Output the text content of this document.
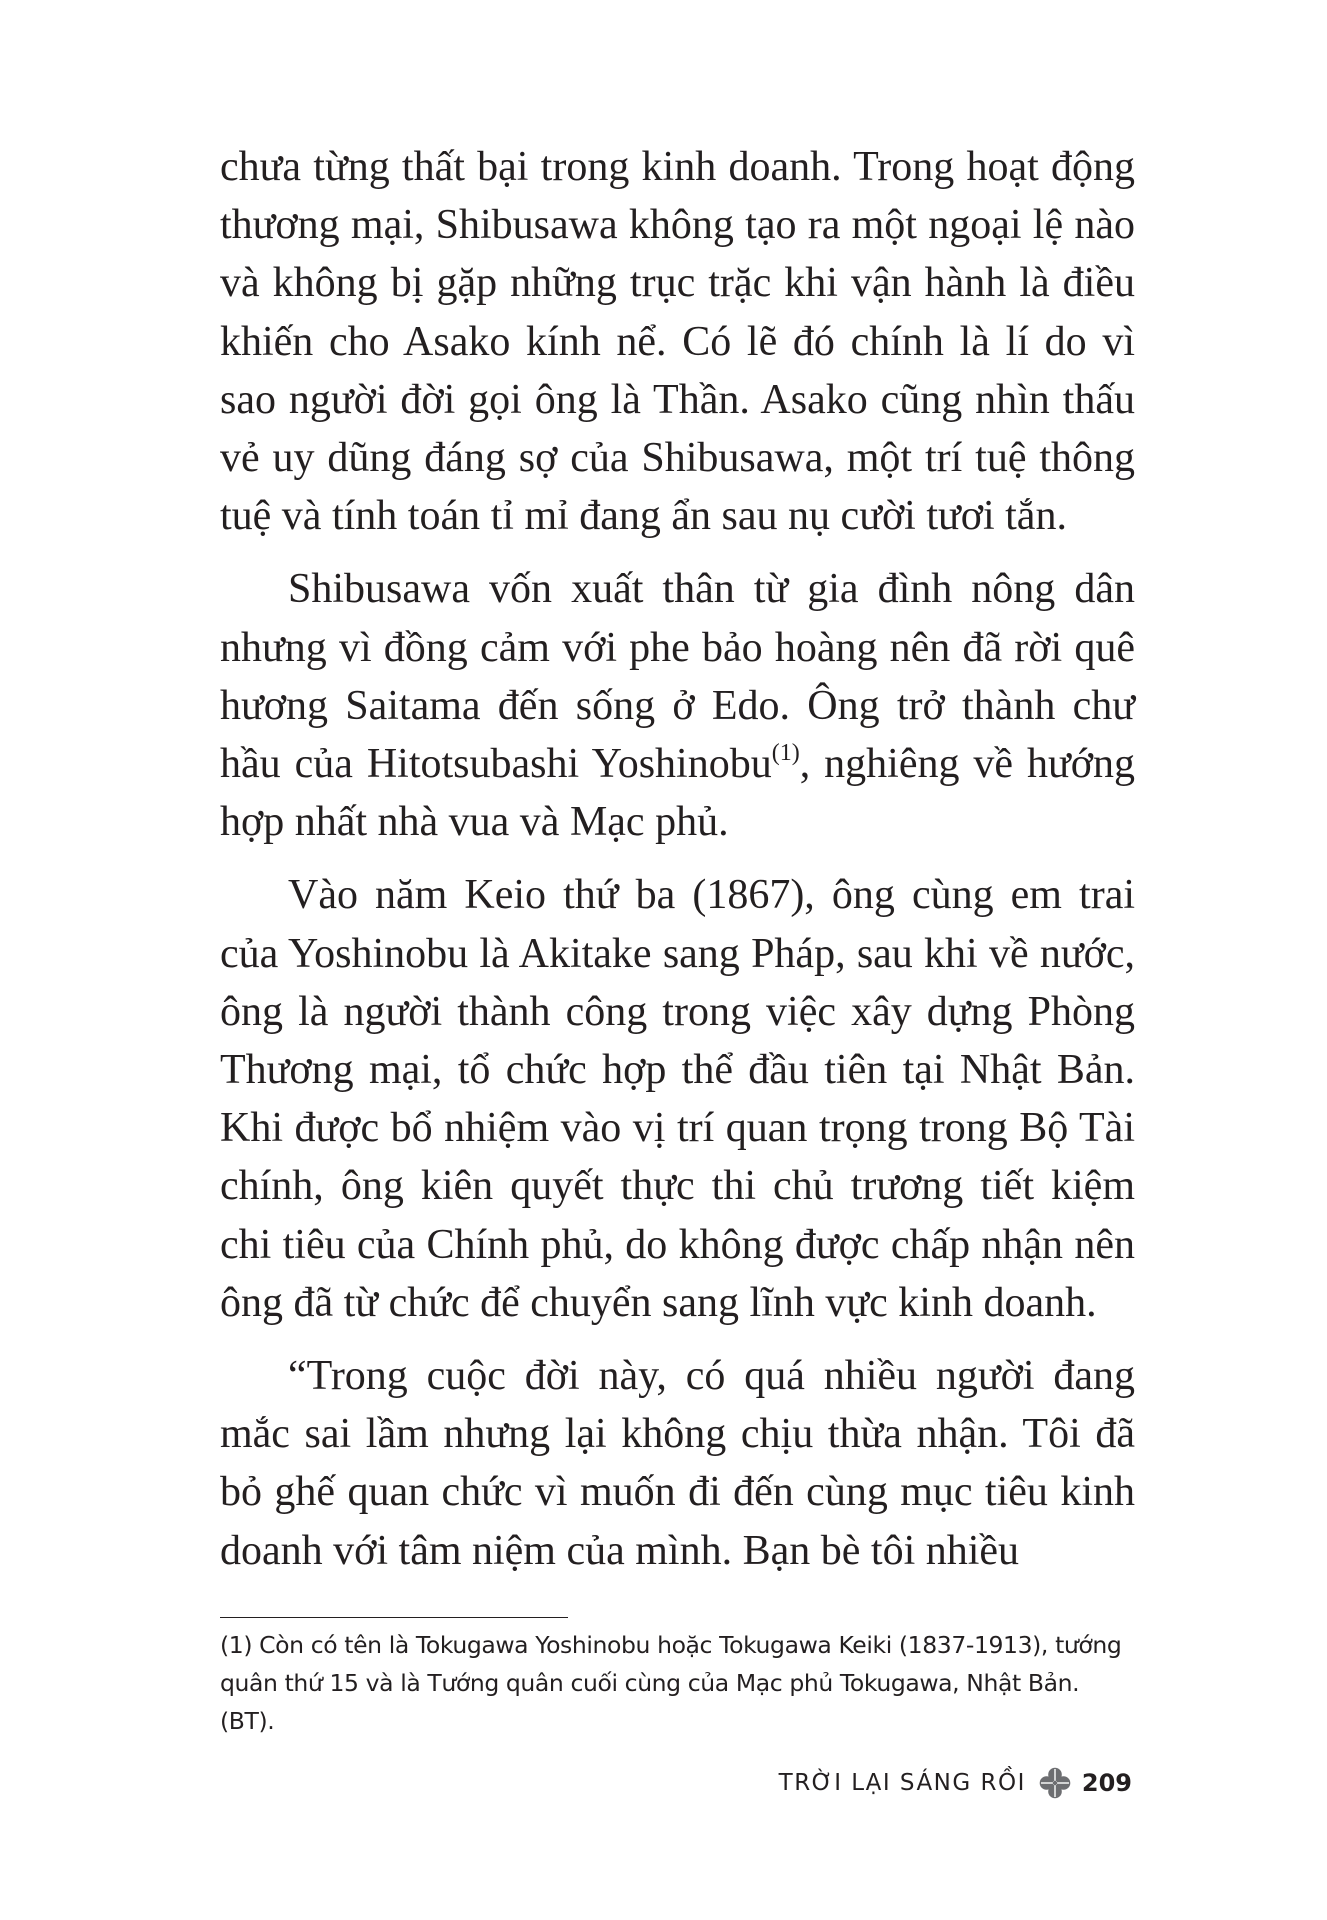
chưa từng thất bại trong kinh doanh. Trong hoạt động thương mại, Shibusawa không tạo ra một ngoại lệ nào và không bị gặp những trục trặc khi vận hành là điều khiến cho Asako kính nể. Có lẽ đó chính là lí do vì sao người đời gọi ông là Thần. Asako cũng nhìn thấu vẻ uy dũng đáng sợ của Shibusawa, một trí tuệ thông tuệ và tính toán tỉ mỉ đang ẩn sau nụ cười tươi tắn.

Shibusawa vốn xuất thân từ gia đình nông dân nhưng vì đồng cảm với phe bảo hoàng nên đã rời quê hương Saitama đến sống ở Edo. Ông trở thành chư hầu của Hitotsubashi Yoshinobu$^{(1)}$, nghiêng về hướng hợp nhất nhà vua và Mạc phủ.

Vào năm Keio thứ ba (1867), ông cùng em trai của Yoshinobu là Akitake sang Pháp, sau khi về nước, ông là người thành công trong việc xây dựng Phòng Thương mại, tổ chức hợp thể đầu tiên tại Nhật Bản. Khi được bổ nhiệm vào vị trí quan trọng trong Bộ Tài chính, ông kiên quyết thực thi chủ trương tiết kiệm chi tiêu của Chính phủ, do không được chấp nhận nên ông đã từ chức để chuyển sang lĩnh vực kinh doanh.

“Trong cuộc đời này, có quá nhiều người đang mắc sai lầm nhưng lại không chịu thừa nhận. Tôi đã bỏ ghế quan chức vì muốn đi đến cùng mục tiêu kinh doanh với tâm niệm của mình. Bạn bè tôi nhiều

(1) Còn có tên là Tokugawa Yoshinobu hoặc Tokugawa Keiki (1837-1913), tướng quân thứ 15 và là Tướng quân cuối cùng của Mạc phủ Tokugawa, Nhật Bản. (BT).
TRỜI LẠI SÁNG RỒI 209
